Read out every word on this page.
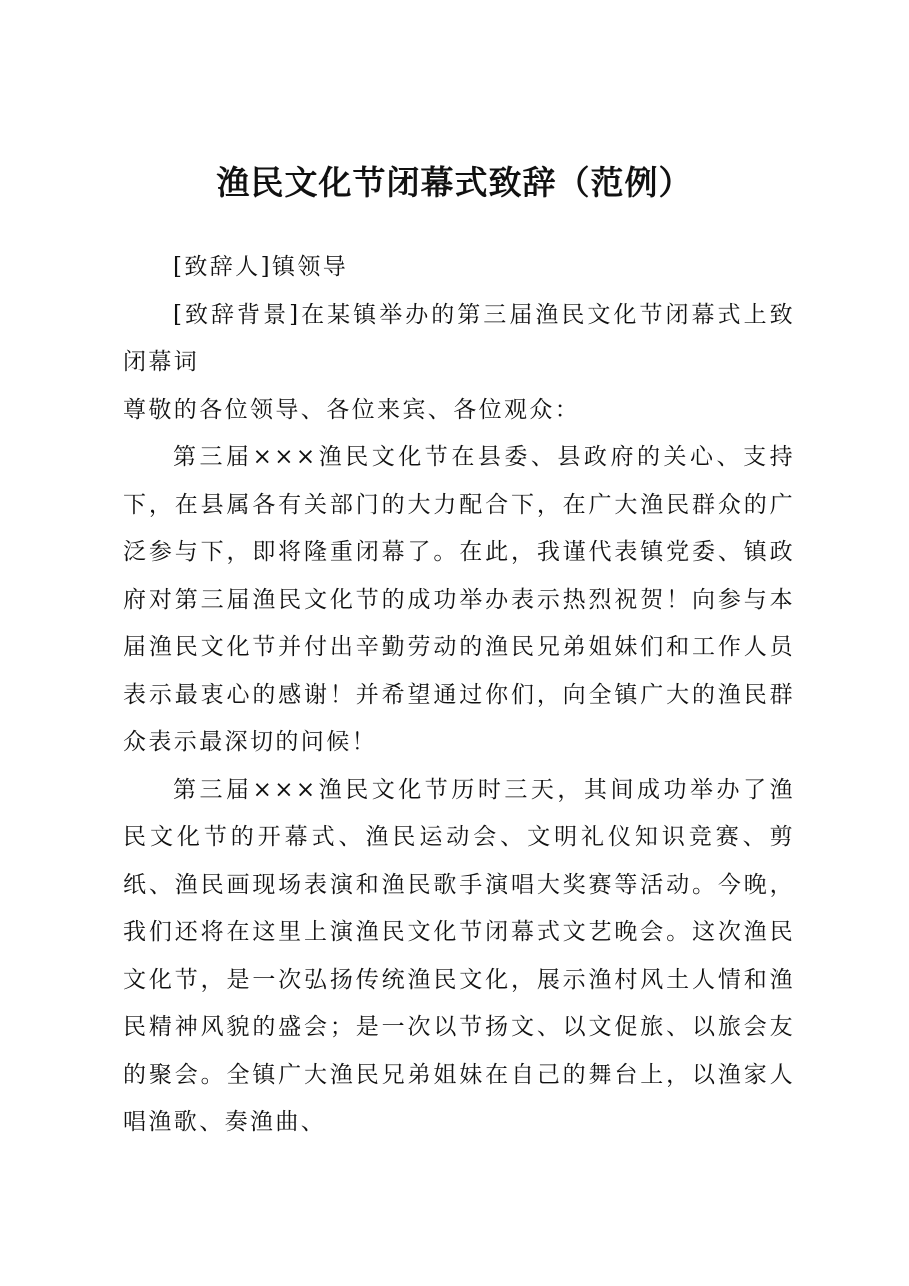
渔民文化节闭幕式致辞（范例）

[致辞人]镇领导

[致辞背景]在某镇举办的第三届渔民文化节闭幕式上致闭幕词

尊敬的各位领导、各位来宾、各位观众：

第三届×××渔民文化节在县委、县政府的关心、支持下，在县属各有关部门的大力配合下，在广大渔民群众的广泛参与下，即将隆重闭幕了。在此，我谨代表镇党委、镇政府对第三届渔民文化节的成功举办表示热烈祝贺！向参与本届渔民文化节并付出辛勤劳动的渔民兄弟姐妹们和工作人员表示最衷心的感谢！并希望通过你们，向全镇广大的渔民群众表示最深切的问候！

第三届×××渔民文化节历时三天，其间成功举办了渔民文化节的开幕式、渔民运动会、文明礼仪知识竞赛、剪纸、渔民画现场表演和渔民歌手演唱大奖赛等活动。今晚，我们还将在这里上演渔民文化节闭幕式文艺晚会。这次渔民文化节，是一次弘扬传统渔民文化，展示渔村风土人情和渔民精神风貌的盛会；是一次以节扬文、以文促旅、以旅会友的聚会。全镇广大渔民兄弟姐妹在自己的舞台上，以渔家人唱渔歌、奏渔曲、
